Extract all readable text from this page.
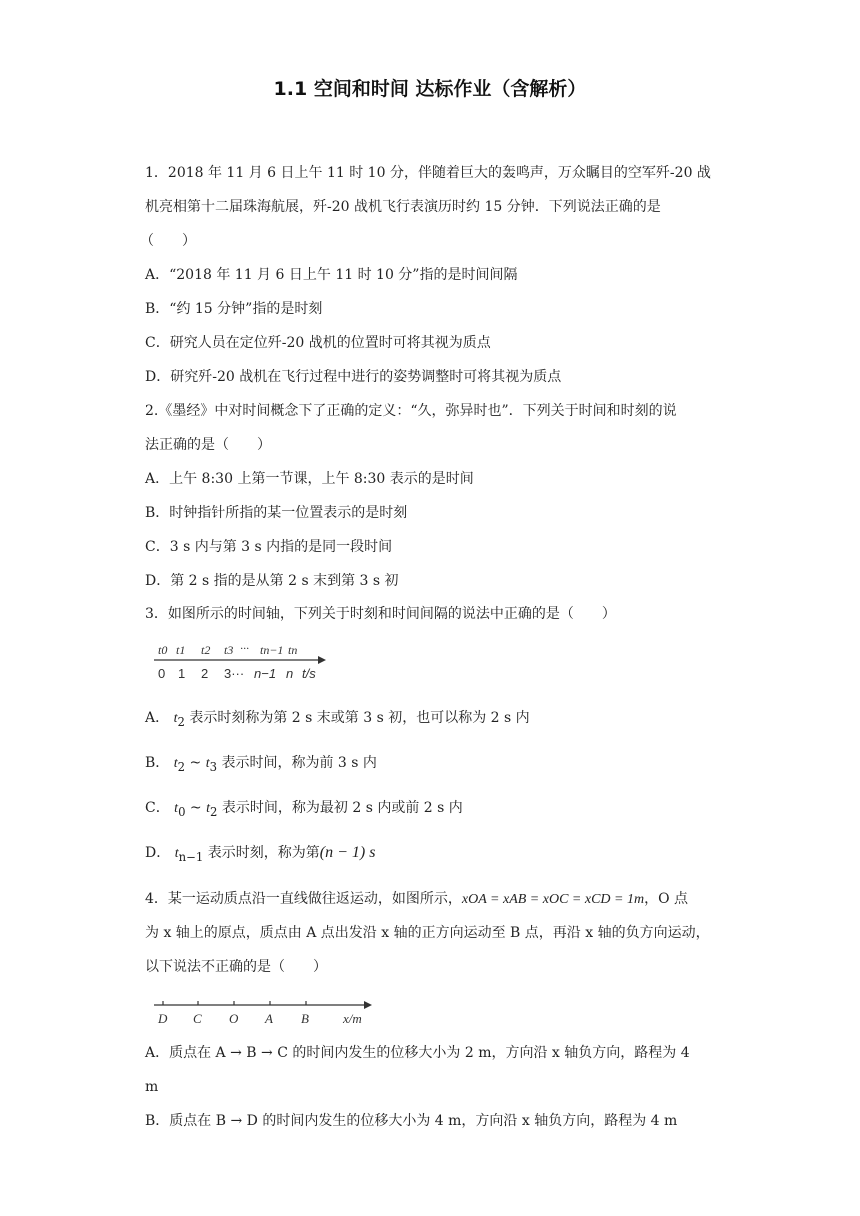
1.1 空间和时间 达标作业（含解析）
1．2018 年 11 月 6 日上午 11 时 10 分，伴随着巨大的轰鸣声，万众瞩目的空军歼-20 战
机亮相第十二届珠海航展，歼-20 战机飞行表演历时约 15 分钟．下列说法正确的是
（　　）
A．“2018 年 11 月 6 日上午 11 时 10 分”指的是时间间隔
B．“约 15 分钟”指的是时刻
C．研究人员在定位歼-20 战机的位置时可将其视为质点
D．研究歼-20 战机在飞行过程中进行的姿势调整时可将其视为质点
2.《墨经》中对时间概念下了正确的定义：“久，弥异时也”．下列关于时间和时刻的说
法正确的是（　　）
A．上午 8:30 上第一节课，上午 8:30 表示的是时间
B．时钟指针所指的某一位置表示的是时刻
C．3 s 内与第 3 s 内指的是同一段时间
D．第 2 s 指的是从第 2 s 末到第 3 s 初
3．如图所示的时间轴，下列关于时刻和时间间隔的说法中正确的是（　　）
t0 t1 t2 t3 ··· tn−1 tn
0 1 2 3··· n−1 n t/s
A． $t_2$ 表示时刻称为第 2 s 末或第 3 s 初，也可以称为 2 s 内
B． $t_2$ ~ $t_3$ 表示时间，称为前 3 s 内
C． $t_0$ ~ $t_2$ 表示时间，称为最初 2 s 内或前 2 s 内
D． $t_{n-1}$ 表示时刻，称为第(n − 1) s
4．某一运动质点沿一直线做往返运动，如图所示，xOA = xAB = xOC = xCD = 1m，O 点
为 x 轴上的原点，质点由 A 点出发沿 x 轴的正方向运动至 B 点，再沿 x 轴的负方向运动，
以下说法不正确的是（　　）
D C O A B	x/m
A．质点在 A → B → C 的时间内发生的位移大小为 2 m，方向沿 x 轴负方向，路程为 4
m
B．质点在 B → D 的时间内发生的位移大小为 4 m，方向沿 x 轴负方向，路程为 4 m
